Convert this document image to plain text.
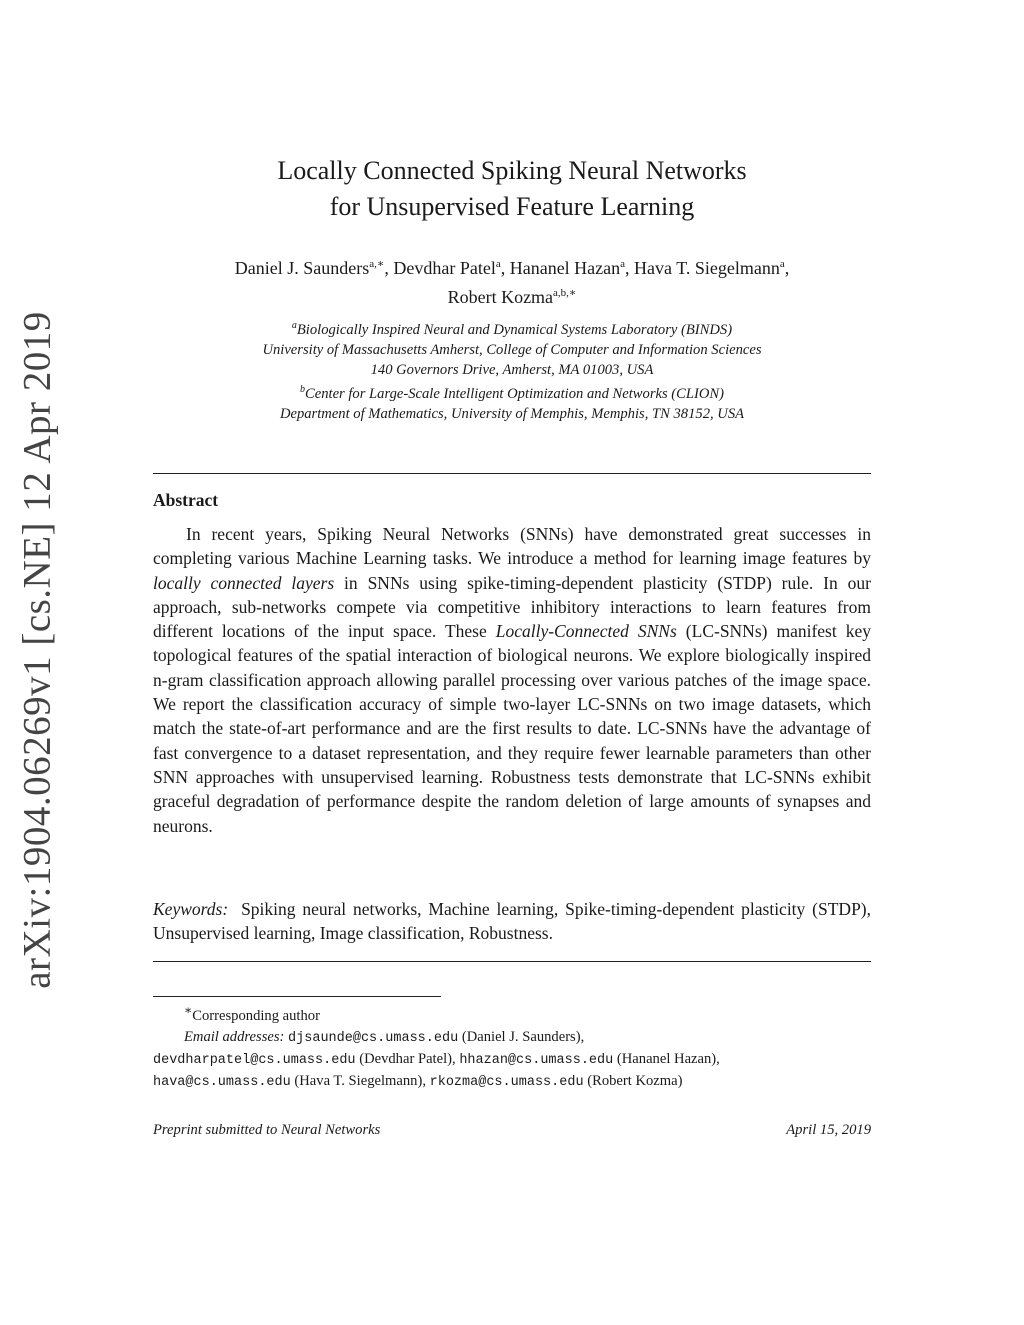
arXiv:1904.06269v1 [cs.NE] 12 Apr 2019
Locally Connected Spiking Neural Networks
for Unsupervised Feature Learning
Daniel J. Saunders$^{a,∗}$, Devdhar Patel$^a$, Hananel Hazan$^a$, Hava T. Siegelmann$^a$,
Robert Kozma$^{a,b,∗}$
$^a$Biologically Inspired Neural and Dynamical Systems Laboratory (BINDS)
University of Massachusetts Amherst, College of Computer and Information Sciences
140 Governors Drive, Amherst, MA 01003, USA
$^b$Center for Large-Scale Intelligent Optimization and Networks (CLION)
Department of Mathematics, University of Memphis, Memphis, TN 38152, USA
Abstract
In recent years, Spiking Neural Networks (SNNs) have demonstrated great successes in completing various Machine Learning tasks. We introduce a method for learning image features by locally connected layers in SNNs using spike-timing-dependent plasticity (STDP) rule. In our approach, sub-networks compete via competitive inhibitory interactions to learn features from different locations of the input space. These Locally-Connected SNNs (LC-SNNs) manifest key topological features of the spatial interaction of biological neurons. We explore biologically inspired n-gram classification approach allowing parallel processing over various patches of the image space. We report the classification accuracy of simple two-layer LC-SNNs on two image datasets, which match the state-of-art performance and are the first results to date. LC-SNNs have the advantage of fast convergence to a dataset representation, and they require fewer learnable parameters than other SNN approaches with unsupervised learning. Robustness tests demonstrate that LC-SNNs exhibit graceful degradation of performance despite the random deletion of large amounts of synapses and neurons.
Keywords: Spiking neural networks, Machine learning, Spike-timing-dependent plasticity (STDP), Unsupervised learning, Image classification, Robustness.
∗Corresponding author
Email addresses: djsaunde@cs.umass.edu (Daniel J. Saunders),
devdharpatel@cs.umass.edu (Devdhar Patel), hhazan@cs.umass.edu (Hananel Hazan),
hava@cs.umass.edu (Hava T. Siegelmann), rkozma@cs.umass.edu (Robert Kozma)
Preprint submitted to Neural Networks	April 15, 2019
